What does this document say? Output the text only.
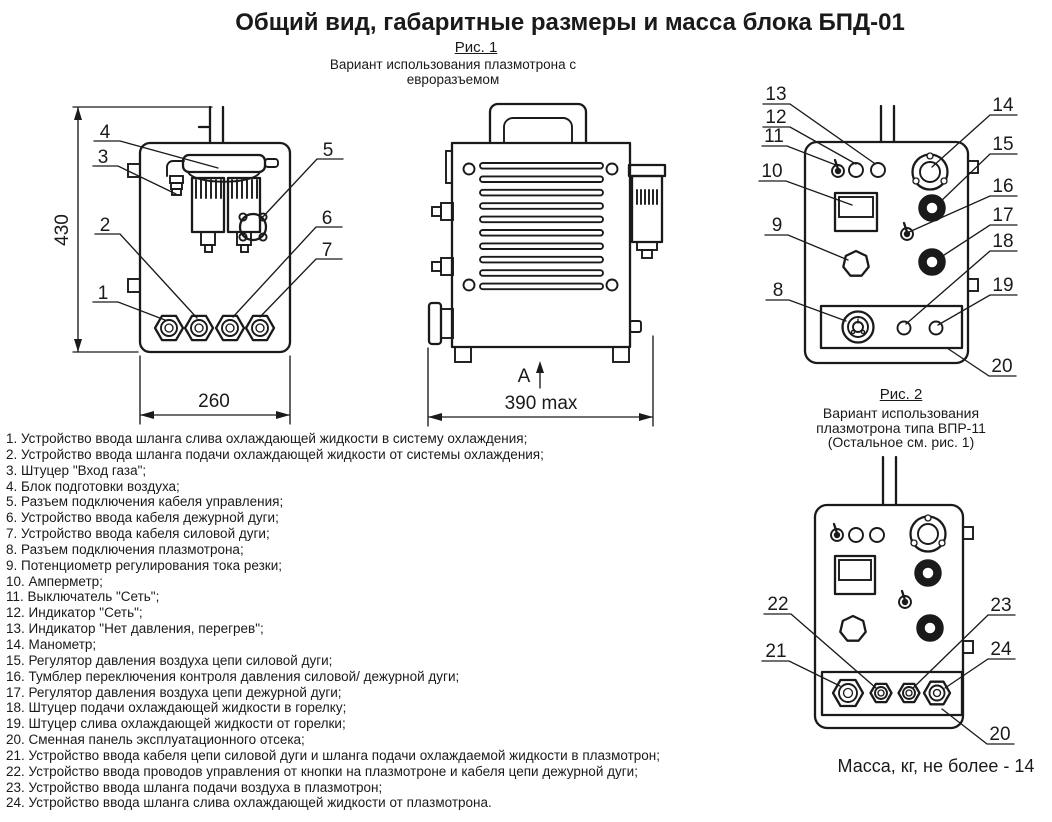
Общий вид, габаритные размеры и масса блока БПД-01
Рис. 1
Вариант использования плазмотрона с евроразъемом
430
260
4
3
2
1
5
6
7
A
390 max
13
12
11
10
9
8
14
15
16
17
18
19
20
Рис. 2
Вариант использования
плазмотрона типа ВПР-11
(Остальное см. рис. 1)
22
21
23
24
20
1. Устройство ввода шланга слива охлаждающей жидкости в систему охлаждения;
2. Устройство ввода шланга подачи охлаждающей жидкости от системы охлаждения;
3. Штуцер "Вход газа";
4. Блок подготовки воздуха;
5. Разъем подключения кабеля управления;
6. Устройство ввода кабеля дежурной дуги;
7. Устройство ввода кабеля силовой дуги;
8. Разъем подключения плазмотрона;
9. Потенциометр регулирования тока резки;
10. Амперметр;
11. Выключатель "Сеть";
12. Индикатор "Сеть";
13. Индикатор "Нет давления, перегрев";
14. Манометр;
15. Регулятор давления воздуха цепи силовой дуги;
16. Тумблер переключения контроля давления силовой/ дежурной дуги;
17. Регулятор давления воздуха цепи дежурной дуги;
18. Штуцер подачи охлаждающей жидкости в горелку;
19. Штуцер слива охлаждающей жидкости от горелки;
20. Сменная панель эксплуатационного отсека;
21. Устройство ввода кабеля цепи силовой дуги и шланга подачи охлаждаемой жидкости в плазмотрон;
22. Устройство ввода проводов управления от кнопки на плазмотроне и кабеля цепи дежурной дуги;
23. Устройство ввода шланга подачи воздуха в плазмотрон;
24. Устройство ввода шланга слива охлаждающей жидкости от плазмотрона.
Масса, кг, не более - 14
